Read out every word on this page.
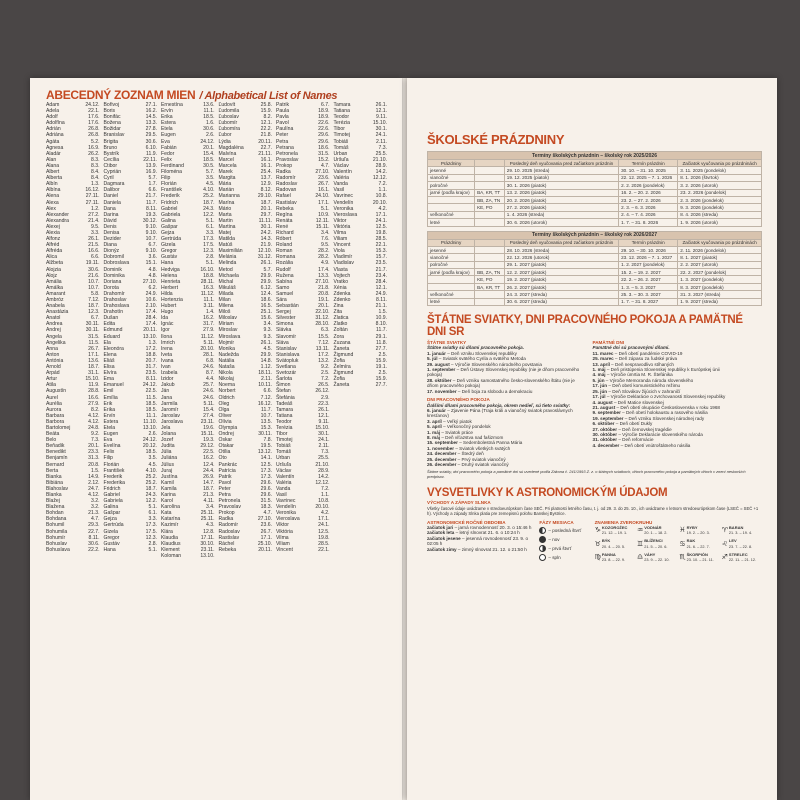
ABECEDNÝ ZOZNAM MIEN / Alphabetical List of Names
Adam	24.12.
Adela	22.1.
Adolf	17.6.
Adolfína	17.6.
Adrián	26.8.
Adriána	26.8.
Agáta	5.2.
Agnesa	16.9.
Aladár	26.2.
Alan	8.3.
Alana	8.3.
Albert	8.4.
Alberta	8.4.
Albín	1.3.
Albína	16.12.
Alena	27.11.
Alexa	27.11.
Alex	1.2.
Alexander	27.2.
Alexandra	21.4.
Alexej	9.5.
Alexia	3.3.
Alfonz	26.1.
Alfréd	21.5.
Alfrédа	16.6.
Alica	6.6.
Alžbeta	19.11.
Alojzia	30.6.
Alojz	21.6.
Amália	10.7.
Amálka	10.7.
Amarant	5.8.
Ambróz	7.12.
Anabela	18.7.
Anastázia	12.3.
Anatol	6.7.
Andrea	30.11.
Andrej	30.11.
Angela	31.5.
Angelika	11.5.
Anna	26.7.
Anton	17.1.
Antónia	13.6.
Arnold	18.7.
Arpád	31.1.
Artur	15.10.
Atila	11.9.
Augustín	28.8.
Aurel	16.6.
Aurélia	27.9.
Aurora	8.2.
Barbara	4.12.
Barbora	4.12.
Bartolomej	24.8.
Beáta	9.2.
Belo	7.3.
Beňadik	20.1.
Benedikt	23.3.
Benjamín	31.3.
Bernard	20.8.
Berta	1.5.
Bianka	14.9.
Bibiána	2.12.
Blahoslav	24.7.
Blanka	4.12.
Blažej	3.2.
Blažena	3.2.
Bohdan	21.3.
Bohdana	4.7.
Bohumil	29.3.
Bohumila	22.7.
Bohumír	8.11.
Bohuslav	30.6.
Bohuslava	22.2.
Bořivoj	27.1.
Boris	16.2.
Bonifác	14.5.
Božena	13.3.
Božidar	27.8.
Branislav	29.5.
Brigita	30.6.
Bruno	6.10.
Bystrík	11.9.
Cecília	22.11.
Ctibor	13.9.
Cyprián	16.9.
Cyril	5.7.
Dagmara	1.7.
Dalibor	6.6.
Daniel	21.7.
Daniela	11.7.
Dana	8.11.
Darina	19.3.
Dávid	30.12.
Denis	9.10.
Denisa	9.10.
Dezider	10.7.
Diana	6.7.
Dionýz	9.10.
Dobromil	3.6.
Dobroslava	15.1.
Dominik	4.8.
Dominika	4.8.
Doriana	27.10.
Dorota	6.2.
Drahomír	24.9.
Drahoslav	10.6.
Drahoslava	2.10.
Drahotín	17.4.
Dušan	28.4.
Edita	17.4.
Edmund	20.11.
Eduard	13.10.
Ela	1.3.
Eleonóra	17.2.
Elena	18.8.
Eliáš	20.7.
Elisa	31.7.
Elvíra	23.5.
Ema	8.11.
Emanuel	24.12.
Emil	22.5.
Emília	11.5.
Erik	18.5.
Erika	18.5.
Ervín	11.1.
Estera	11.10.
Etela	13.10.
Eugen	2.6.
Eva	24.12.
Evelína	20.12.
Felix	18.5.
Filip	3.5.
Florián	4.5.
František	4.10.
Frederik	25.2.
Frederika	25.2.
Fridrich	18.7.
Gabriel	24.3.
Gabriela	12.2.
Galina	5.1.
Gašpar	6.1.
Gejza	3.3.
Gertrúda	17.3.
Gizela	17.5.
Gregor	12.3.
Gustáv	2.8.
Hana	5.1.
Ernestína	13.6.
Ervín	11.1.
Erika	18.5.
Estera	1.6.
Etela	30.6.
Eugen	2.6.
Eva	24.12.
Fabián	20.1.
Fedor	15.4.
Felix	18.5.
Ferdinand	30.5.
Filoména	5.7.
Filip	3.5.
Florián	4.5.
František	4.10.
Frederik	25.2.
Fridrich	18.7.
Gabriel	24.3.
Gabriela	12.2.
Galina	5.1.
Gašpar	6.1.
Gejza	3.3.
Gertrúda	17.3.
Gizela	17.5.
Gregor	12.3.
Gustáv	2.8.
Hana	5.1.
Hedviga	16.10.
Helena	18.8.
Henrieta	28.11.
Herbert	16.3.
Hilda	11.12.
Hortenzia	11.1.
Hubert	3.11.
Hugo	1.4.
Ida	16.2.
Ignác	31.7.
Igor	27.9.
Ilona	11.12.
Imrich	5.11.
Irena	20.10.
Iveta	28.1.
Ivana	6.8.
Ivan	24.6.
Izabela	8.7.
Izidor	4.4.
Jakub	25.7.
Ján	24.6.
Jana	24.6.
Jarmila	5.11.
Jaromír	15.4.
Jaroslav	27.4.
Jaroslava	23.11.
Jela	19.6.
Jolana	15.11.
Jozef	19.3.
Judita	29.12.
Júlia	22.5.
Juliána	16.2.
Július	12.4.
Juraj	24.4.
Justína	26.9.
Kamil	14.7.
Kamila	18.7.
Karina	21.3.
Karol	4.11.
Karolína	3.4.
Kata	25.11.
Katarína	25.11.
Kazimír	4.3.
Klára	12.8.
Klaudia	17.11.
Klaudius	30.10.
Klement	23.11.
Koloman	13.10.
Ľudovít	25.8.
Ľudomila	15.9.
Ľuboslav	8.2.
Ľubomír	12.1.
Ľubomíra	22.2.
Ľubor	21.8.
Lýdia	20.11.
Magdaléna	22.7.
Malvína	21.11.
Marcel	16.1.
Marcela	16.1.
Marek	25.4.
Margita	13.7.
Mária	12.9.
Marián	8.12.
Marianna	29.10.
Marína	18.7.
Mário	20.1.
Marta	29.7.
Martin	11.11.
Martina	30.1.
Matej	24.2.
Matilda	14.3.
Matúš	21.9.
Maximilián	12.10.
Melánia	31.12.
Melinda	26.1.
Metod	5.7.
Michaela	29.9.
Michal	29.9.
Mikuláš	6.12.
Milada	12.4.
Milan	18.6.
Milena	16.5.
Miloš	25.1.
Miloslav	15.6.
Miriam	3.4.
Miroslav	9.3.
Miroslava	9.3.
Mojmír	26.1.
Monika	4.5.
Nadežda	29.9.
Natália	14.8.
Nataša	1.12.
Nikola	18.11.
Nikolaj	2.11.
Noema	10.11.
Norbert	6.6.
Oldrich	7.12.
Oleg	16.12.
Olga	11.7.
Oliver	10.7.
Olívia	13.5.
Olympia	15.3.
Ondrej	30.11.
Oskar	7.8.
Otakar	19.5.
Otília	13.12.
Oto	14.1.
Pankrác	12.5.
Patrícia	17.3.
Patrik	17.3.
Pavol	29.6.
Peter	29.6.
Petra	29.6.
Petronela	31.5.
Pravoslav	18.3.
Prokop	4.7.
Radka	27.10.
Radomír	23.6.
Radoslav	26.7.
Rastislav	17.1.
Ráchel	25.10.
Rebeka	20.11.
Patrik	6.7.
Paula	18.9.
Pavla	18.9.
Pavol	22.6.
Paulína	22.6.
Peter	29.6.
Petra	29.6.
Petrana	18.6.
Petronela	31.5.
Pravoslav	15.2.
Prokop	4.7.
Radka	27.10.
Radomír	23.6.
Radoslav	26.7.
Radovan	16.1.
Rafael	24.10.
Rastislav	17.1.
Rebeka	5.1.
Regína	10.9.
Renáta	12.11.
René	15.11.
Richard	3.4.
Róbert	7.6.
Roland	9.5.
Roman	28.2.
Romana	28.2.
Rozália	4.9.
Rudolf	17.4.
Ružena	13.3.
Sabína	27.10.
Samo	21.8.
Samuel	20.8.
Sára	19.1.
Sebastián	20.1.
Sergej	22.10.
Silvester	31.12.
Simona	28.10.
Slávka	6.3.
Slavomír	15.5.
Sláva	7.12.
Stanislav	13.11.
Stanislava	17.2.
Svätopluk	13.2.
Svetlana	9.2.
Svetozár	2.5.
Šarlota	7.2.
Šimon	26.5.
Štefan	26.12.
Štefánia	2.9.
Tadeáš	22.3.
Tamara	26.1.
Tatiana	12.1.
Teodor	9.11.
Terézia	15.10.
Tibor	30.1.
Timotej	24.1.
Tobiáš	2.11.
Tomáš	7.3.
Urban	25.5.
Uršuľa	21.10.
Václav	28.9.
Valentín	14.2.
Valéria	12.12.
Vanda	7.2.
Vasil	1.1.
Vavrinec	10.8.
Vendelín	20.10.
Veronika	4.2.
Vieroslava	17.1.
Viktor	24.1.
Viktória	12.5.
Vilma	19.8.
Viliam	28.5.
Vincent	22.1.
Tamara	26.1.
Tatiana	12.1.
Teodor	9.11.
Terézia	15.10.
Tibor	30.1.
Timotej	24.1.
Tobiáš	2.11.
Tomáš	7.3.
Urban	25.5.
Uršuľa	21.10.
Václav	28.9.
Valentín	14.2.
Valéria	12.12.
Vanda	7.2.
Vasil	1.1.
Vavrinec	10.8.
Vendelín	20.10.
Veronika	4.2.
Vieroslava	17.1.
Viktor	24.1.
Viktória	12.5.
Vilma	19.8.
Viliam	28.5.
Vincent	22.1.
Viola	15.3.
Vladimír	15.7.
Vladislav	23.5.
Vlasta	21.7.
Vojtech	23.4.
Vratko	28.4.
Xénia	12.1.
Zdenka	24.9.
Zdenko	8.11.
Zina	21.1.
Zita	1.5.
Zlatica	10.9.
Zlatko	8.10.
Zoltán	11.7.
Zora	29.1.
Zuzana	11.8.
Žaneta	27.7.
Žigmund	2.5.
Žofia	15.9.
Želmíra	19.1.
Žigmund	2.5.
Žofia	15.9.
Žaneta	27.7.
ŠKOLSKÉ PRÁZDNINY
Termíny školských prázdnin – školský rok 2025/2026				
Prázdniny		Posledný deň vyučovania pred začiatkom prázdnin	Termín prázdnin	Začiatok vyučovania po prázdninách
jesenné		29. 10. 2025 (streda)	30. 10. – 31. 10. 2025	3. 11. 2025 (pondelok)
vianočné		19. 12. 2025 (piatok)	22. 12. 2025 – 7. 1. 2026	8. 1. 2026 (štvrtok)
polročné		30. 1. 2026 (piatok)	2. 2. 2026 (pondelok)	3. 2. 2026 (utorok)
jarné (podľa krajov)	BA, KR, TT	13. 2. 2026 (piatok)	16. 2. – 20. 2. 2026	23. 2. 2026 (pondelok)
	BB, ZA, TN	20. 2. 2026 (piatok)	23. 2. – 27. 2. 2026	2. 3. 2026 (pondelok)
	KE, PO	27. 2. 2026 (piatok)	2. 3. – 6. 3. 2026	9. 3. 2026 (pondelok)
veľkonočné		1. 4. 2026 (streda)	2. 4. – 7. 4. 2026	8. 4. 2026 (streda)
letné		30. 6. 2026 (utorok)	1. 7. – 31. 8. 2026	1. 9. 2026 (utorok)
Termíny školských prázdnin – školský rok 2026/2027				
Prázdniny		Posledný deň vyučovania pred začiatkom prázdnin	Termín prázdnin	Začiatok vyučovania po prázdninách
jesenné		28. 10. 2026 (streda)	29. 10. – 30. 10. 2026	2. 11. 2026 (pondelok)
vianočné		22. 12. 2026 (utorok)	23. 12. 2026 – 7. 1. 2027	8. 1. 2027 (piatok)
polročné		29. 1. 2027 (piatok)	1. 2. 2027 (pondelok)	2. 2. 2027 (utorok)
jarné (podľa krajov)	BB, ZA, TN	12. 2. 2027 (piatok)	15. 2. – 19. 2. 2027	22. 2. 2027 (pondelok)
	KE, PO	19. 2. 2027 (piatok)	22. 2. – 26. 2. 2027	1. 3. 2027 (pondelok)
	BA, KR, TT	26. 2. 2027 (piatok)	1. 3. – 5. 3. 2027	8. 3. 2027 (pondelok)
veľkonočné		24. 3. 2027 (streda)	25. 3. – 30. 3. 2027	31. 3. 2027 (streda)
letné		30. 6. 2027 (streda)	1. 7. – 31. 8. 2027	1. 9. 2027 (streda)
ŠTÁTNE SVIATKY, DNI PRACOVNÉHO POKOJA A PAMÄTNÉ DNI SR
ŠTÁTNE SVIATKY
Štátne sviatky sú dňami pracovného pokoja.
1. január – Deň vzniku Slovenskej republiky
5. júl – Sviatok svätého Cyrila a svätého Metoda
29. august – Výročie Slovenského národného povstania
1. september – Deň Ústavy Slovenskej republiky (nie je dňom pracovného pokoja)
28. október – Deň vzniku samostatného česko-slovenského štátu (nie je dňom pracovného pokoja)
17. november – Deň boja za slobodu a demokraciu
DNI PRACOVNÉHO POKOJA
Ďalšími dňami pracovného pokoja, okrem nedieľ, sú tieto sviatky:
6. január – Zjavenie Pána (Traja králi a vianočný sviatok pravoslávnych kresťanov)
3. apríl – Veľký piatok
5. apríl – Veľkonočný pondelok
1. máj – Sviatok práce
8. máj – Deň víťazstva nad fašizmom
15. september – Sedembolestná Panna Mária
1. november – Sviatok všetkých svätých
24. december – Štedrý deň
25. december – Prvý sviatok vianočný
26. december – Druhý sviatok vianočný
PAMÄTNÉ DNI
Pamätné dni sú pracovnými dňami.
11. marec – Deň obetí pandémie COVID-19
25. marec – Deň zápasu za ľudské práva
13. apríl – Deň nespravodlivo stíhaných
1. máj – Deň pristúpenia Slovenskej republiky k Európskej únii
4. máj – Výročie úmrtia M. R. Štefánika
5. jún – Výročie Memoranda národa slovenského
17. jún – Deň obetí komunistického režimu
25. jún – Deň Slovákov žijúcich v zahraničí
17. júl – Výročie Deklarácie o zvrchovanosti Slovenskej republiky
4. august – Deň Matice slovenskej
21. august – Deň obetí okupácie Československa v roku 1968
9. september – Deň obetí holokaustu a rasového násilia
19. september – Deň vzniku Slovenskej národnej rady
6. október – Deň obetí Dukly
27. október – Deň černovskej tragédie
30. október – Výročie Deklarácie slovenského národa
31. október – Deň reformácie
4. december – Deň obetí vnútroštátneho násilia
Štátne sviatky, dni pracovného pokoja a pamätné dni sú uvedené podľa Zákona č. 241/1993 Z. z. o štátnych sviatkoch, dňoch pracovného pokoja a pamätných dňoch v znení neskorších predpisov.
VYSVETLIVKY K ASTRONOMICKÝM ÚDAJOM
VÝCHODY A ZÁPADY SLNKA
Všetky časové údaje uvádzame v stredoeurópskom čase SEČ. Pri platnosti letného času, t. j. od 29. 3. do 25. 10., ich uvádzame v letnom stredoeurópskom čase (LSEČ = SEČ +1 h). Východy a západy Slnka platia pre zemepisnú polohu Banskej Bystrice.
ASTRONOMICKÉ ROČNÉ OBDOBIA
začiatok jari – jarná rovnodennosť 20. 3. o 15:46 h
začiatok leta – letný slnovrat 21. 6. o 10:24 h
začiatok jesene – jesenná rovnodennosť 23. 9. o 02:05 h
začiatok zimy – zimný slnovrat 21. 12. o 21:50 h
FÁZY MESIACA
– posledná štvrť
– nov
– prvá štvrť
– spln
ZNAMENIA ZVEROKRUHU
♑ KOZOROŽEC
21. 12. – 19. 1. ♒ VODNÁR
20. 1. – 18. 2. ♓ RYBY
19. 2. – 20. 3. ♈ BARAN
21. 3. – 19. 4.
♉ BÝK
20. 4. – 20. 5. ♊ BLÍŽENCI
21. 5. – 20. 6. ♋ RAK
21. 6. – 22. 7. ♌ LEV
23. 7. – 22. 8.
♍ PANNA
23. 8. – 22. 9. ♎ VÁHY
23. 9. – 22. 10. ♏ ŠKORPIÓN
23. 10. – 21. 11. ♐ STRELEC
22. 11. – 21. 12.
